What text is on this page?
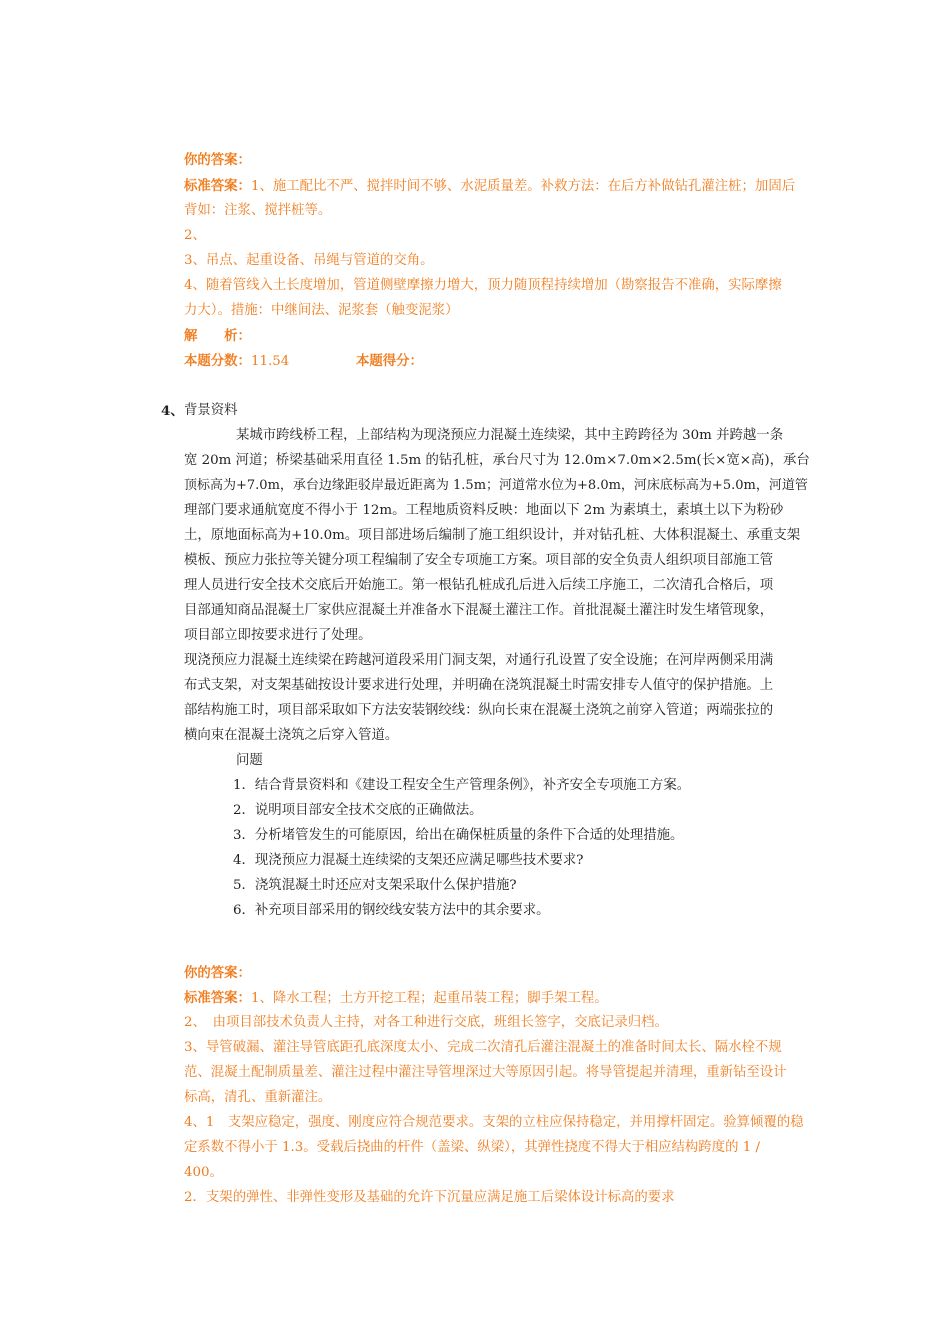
你的答案：
标准答案：1、施工配比不严、搅拌时间不够、水泥质量差。补救方法：在后方补做钻孔灌注桩；加固后
背如：注浆、搅拌桩等。
2、
3、吊点、起重设备、吊绳与管道的交角。
4、随着管线入土长度增加，管道侧壁摩擦力增大，顶力随顶程持续增加（勘察报告不准确，实际摩擦
力大）。措施：中继间法、泥浆套（触变泥浆）
解　　析：
本题分数：11.54	本题得分：
4、 背景资料
某城市跨线桥工程，上部结构为现浇预应力混凝土连续梁，其中主跨跨径为 30m 并跨越一条
宽 20m 河道；桥梁基础采用直径 1.5m 的钻孔桩，承台尺寸为 12.0m×7.0m×2.5m(长×宽×高)，承台
顶标高为+7.0m，承台边缘距驳岸最近距离为 1.5m；河道常水位为+8.0m，河床底标高为+5.0m，河道管
理部门要求通航宽度不得小于 12m。工程地质资料反映：地面以下 2m 为素填土，素填土以下为粉砂
土，原地面标高为+10.0m。项目部进场后编制了施工组织设计，并对钻孔桩、大体积混凝土、承重支架
模板、预应力张拉等关键分项工程编制了安全专项施工方案。项目部的安全负责人组织项目部施工管
理人员进行安全技术交底后开始施工。第一根钻孔桩成孔后进入后续工序施工，二次清孔合格后，项
目部通知商品混凝土厂家供应混凝土并准备水下混凝土灌注工作。首批混凝土灌注时发生堵管现象，
项目部立即按要求进行了处理。
现浇预应力混凝土连续梁在跨越河道段采用门洞支架，对通行孔设置了安全设施；在河岸两侧采用满
布式支架，对支架基础按设计要求进行处理，并明确在浇筑混凝土时需安排专人值守的保护措施。上
部结构施工时，项目部采取如下方法安装钢绞线：纵向长束在混凝土浇筑之前穿入管道；两端张拉的
横向束在混凝土浇筑之后穿入管道。
问题
1．结合背景资料和《建设工程安全生产管理条例》，补齐安全专项施工方案。
2．说明项目部安全技术交底的正确做法。
3．分析堵管发生的可能原因，给出在确保桩质量的条件下合适的处理措施。
4．现浇预应力混凝土连续梁的支架还应满足哪些技术要求?
5．浇筑混凝土时还应对支架采取什么保护措施?
6．补充项目部采用的钢绞线安装方法中的其余要求。
你的答案：
标准答案：1、降水工程；土方开挖工程；起重吊装工程；脚手架工程。
2、　由项目部技术负责人主持，对各工种进行交底，班组长签字，交底记录归档。
3、导管破漏、灌注导管底距孔底深度太小、完成二次清孔后灌注混凝土的准备时间太长、隔水栓不规
范、混凝土配制质量差、灌注过程中灌注导管埋深过大等原因引起。将导管提起并清理，重新钻至设计
标高，清孔、重新灌注。
4、1　支架应稳定，强度、刚度应符合规范要求。支架的立柱应保持稳定，并用撑杆固定。验算倾覆的稳
定系数不得小于 1.3。受载后挠曲的杆件（盖梁、纵梁），其弹性挠度不得大于相应结构跨度的 1 /
400。
2．支架的弹性、非弹性变形及基础的允许下沉量应满足施工后梁体设计标高的要求
